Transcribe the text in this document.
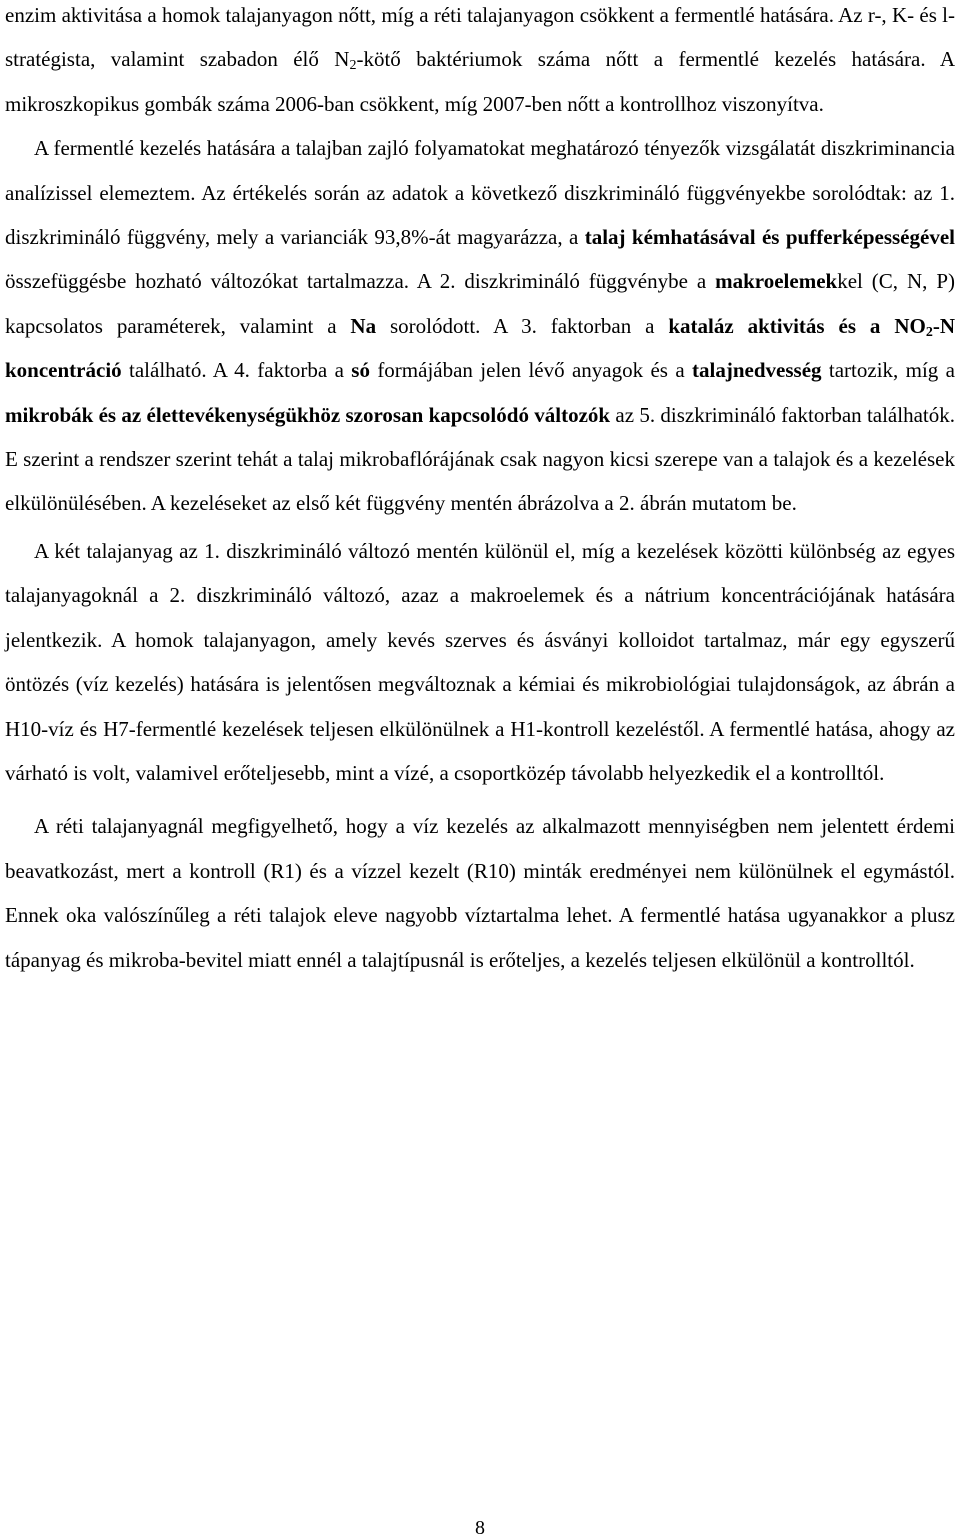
enzim aktivitása a homok talajanyagon nőtt, míg a réti talajanyagon csökkent a fermentlé hatására. Az r-, K- és l-stratégista, valamint szabadon élő $N_2$-kötő baktériumok száma nőtt a fermentlé kezelés hatására. A mikroszkopikus gombák száma 2006-ban csökkent, míg 2007-ben nőtt a kontrollhoz viszonyítva.

A fermentlé kezelés hatására a talajban zajló folyamatokat meghatározó tényezők vizsgálatát diszkriminancia analízissel elemeztem. Az értékelés során az adatok a következő diszkrimináló függvényekbe sorolódtak: az 1. diszkrimináló függvény, mely a varianciák 93,8%-át magyarázza, a talaj kémhatásával és pufferképességével összefüggésbe hozható változókat tartalmazza. A 2. diszkrimináló függvénybe a makroelemekkel (C, N, P) kapcsolatos paraméterek, valamint a Na sorolódott. A 3. faktorban a kataláz aktivitás és a $NO_2-N$ koncentráció található. A 4. faktorba a só formájában jelen lévő anyagok és a talajnedvesség tartozik, míg a mikrobák és az élettevékenységükhöz szorosan kapcsolódó változók az 5. diszkrimináló faktorban találhatók. E szerint a rendszer szerint tehát a talaj mikrobaflórájának csak nagyon kicsi szerepe van a talajok és a kezelések elkülönülésében. A kezeléseket az első két függvény mentén ábrázolva a 2. ábrán mutatom be.

A két talajanyag az 1. diszkrimináló változó mentén különül el, míg a kezelések közötti különbség az egyes talajanyagoknál a 2. diszkrimináló változó, azaz a makroelemek és a nátrium koncentrációjának hatására jelentkezik. A homok talajanyagon, amely kevés szerves és ásványi kolloidot tartalmaz, már egy egyszerű öntözés (víz kezelés) hatására is jelentősen megváltoznak a kémiai és mikrobiológiai tulajdonságok, az ábrán a H10-víz és H7-fermentlé kezelések teljesen elkülönülnek a H1-kontroll kezeléstől. A fermentlé hatása, ahogy az várható is volt, valamivel erőteljesebb, mint a vízé, a csoportközép távolabb helyezkedik el a kontrolltól.

A réti talajanyagnál megfigyelhető, hogy a víz kezelés az alkalmazott mennyiségben nem jelentett érdemi beavatkozást, mert a kontroll (R1) és a vízzel kezelt (R10) minták eredményei nem különülnek el egymástól. Ennek oka valószínűleg a réti talajok eleve nagyobb víztartalma lehet. A fermentlé hatása ugyanakkor a plusz tápanyag és mikroba-bevitel miatt ennél a talajtípusnál is erőteljes, a kezelés teljesen elkülönül a kontrolltól.

8
